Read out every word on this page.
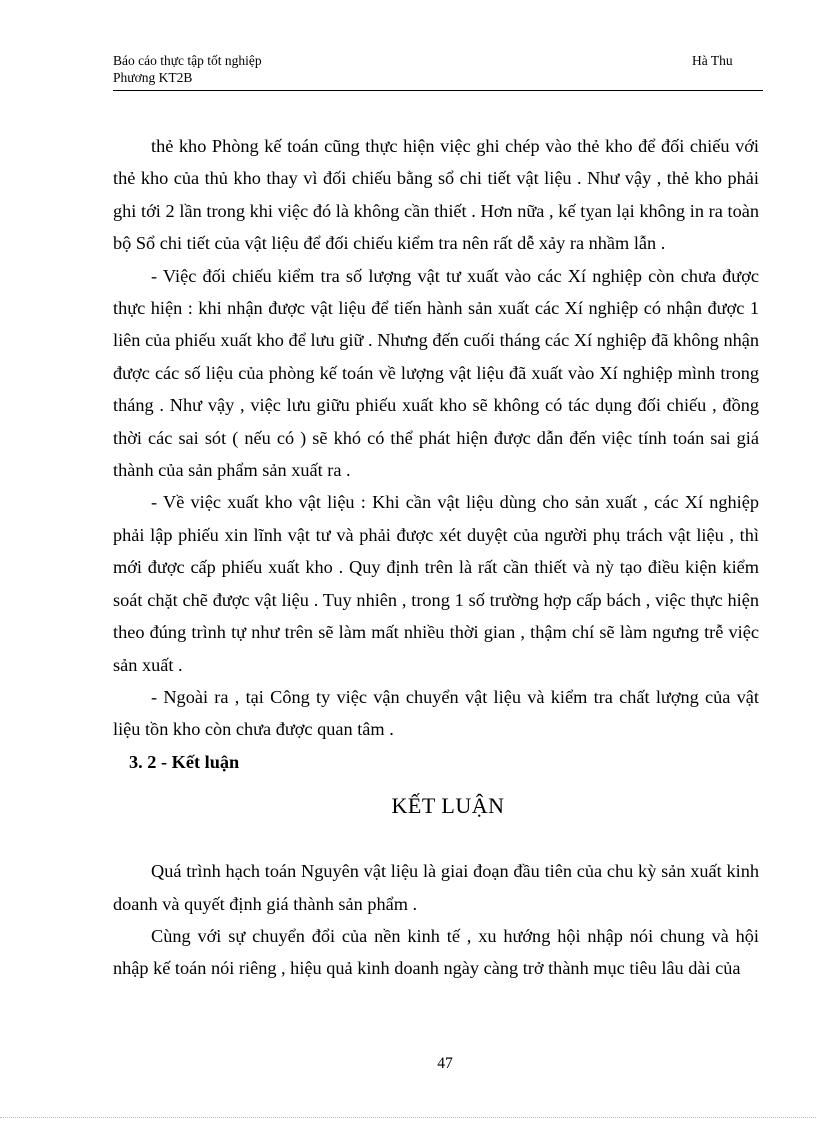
Báo cáo thực tập tốt nghiệp
Phương KT2B
Hà Thu

thẻ kho Phòng kế toán cũng thực hiện việc ghi chép vào thẻ kho để đối chiếu với thẻ kho của thủ kho thay vì đối chiếu bằng sổ chi tiết vật liệu . Như vậy , thẻ kho phải ghi tới 2 lần trong khi việc đó là không cần thiết . Hơn nữa , kế tỵan lại không in ra toàn bộ Sổ chi tiết của vật liệu để đối chiếu kiểm tra nên rất dễ xảy ra nhầm lẫn .

- Việc đối chiếu kiểm tra số lượng vật tư xuất vào các Xí nghiệp còn chưa được thực hiện : khi nhận được vật liệu để tiến hành sản xuất các Xí nghiệp có nhận được 1 liên của phiếu xuất kho để lưu giữ . Nhưng đến cuối tháng các Xí nghiệp đã không nhận được các số liệu của phòng kế toán về lượng vật liệu đã xuất vào Xí nghiệp mình trong tháng . Như vậy , việc lưu giữu phiếu xuất kho sẽ không có tác dụng đối chiếu , đồng thời các sai sót ( nếu có ) sẽ khó có thể phát hiện được dẫn đến việc tính toán sai giá thành của sản phẩm sản xuất ra .

- Về việc xuất kho vật liệu : Khi cần vật liệu dùng cho sản xuất , các Xí nghiệp phải lập phiếu xin lĩnh vật tư và phải được xét duyệt của người phụ trách vật liệu , thì mới được cấp phiếu xuất kho . Quy định trên là rất cần thiết và nỳ tạo điều kiện kiểm soát chặt chẽ được vật liệu . Tuy nhiên , trong 1 số trường hợp cấp bách , việc thực hiện theo đúng trình tự như trên sẽ làm mất nhiều thời gian , thậm chí sẽ làm ngưng trễ việc sản xuất .

- Ngoài ra , tại Công ty việc vận chuyển vật liệu và kiểm tra chất lượng của vật liệu tồn kho còn chưa được quan tâm .

3. 2 - Kết luận

KẾT LUẬN

Quá trình hạch toán Nguyên vật liệu là giai đoạn đầu tiên của chu kỳ sản xuất kinh doanh và quyết định giá thành sản phẩm .

Cùng với sự chuyển đổi của nền kinh tế , xu hướng hội nhập nói chung và hội nhập kế toán nói riêng , hiệu quả kinh doanh ngày càng trở thành mục tiêu lâu dài của

47
